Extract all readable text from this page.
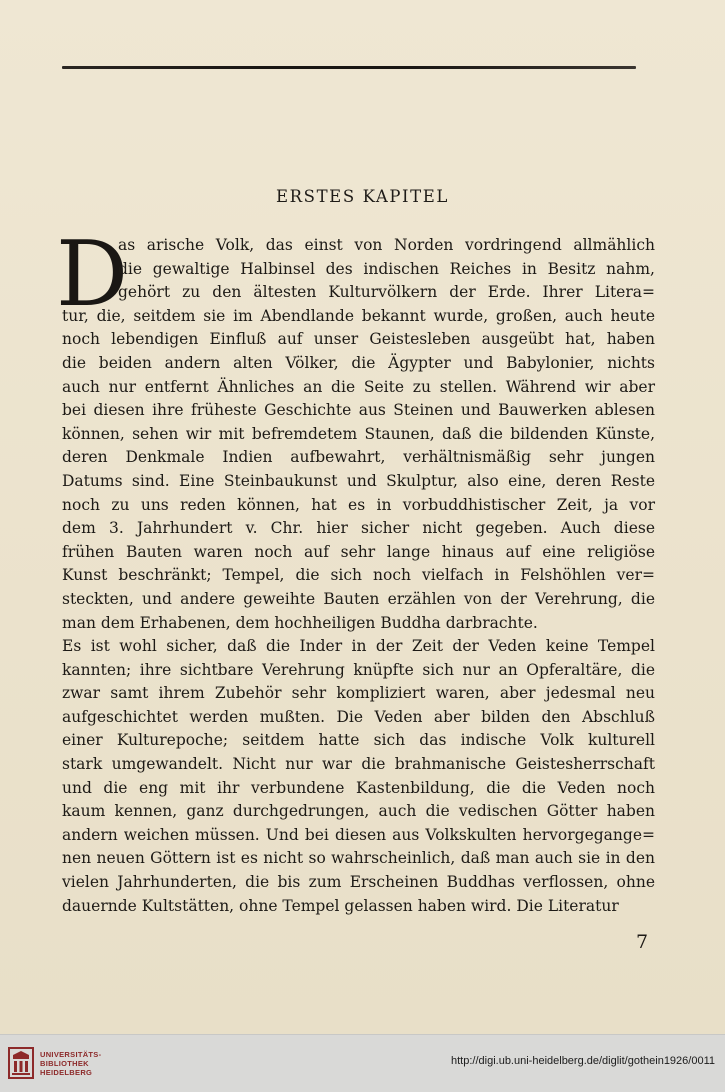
ERSTES KAPITEL
D
as arische Volk, das einst von Norden vordringend allmählich
die gewaltige Halbinsel des indischen Reiches in Besitz nahm,
gehört zu den ältesten Kulturvölkern der Erde. Ihrer Litera=
tur, die, seitdem sie im Abendlande bekannt wurde, großen, auch heute
noch lebendigen Einfluß auf unser Geistesleben ausgeübt hat, haben
die beiden andern alten Völker, die Ägypter und Babylonier, nichts
auch nur entfernt Ähnliches an die Seite zu stellen. Während wir aber
bei diesen ihre früheste Geschichte aus Steinen und Bauwerken ablesen
können, sehen wir mit befremdetem Staunen, daß die bildenden Künste,
deren Denkmale Indien aufbewahrt, verhältnismäßig sehr jungen
Datums sind. Eine Steinbaukunst und Skulptur, also eine, deren Reste
noch zu uns reden können, hat es in vorbuddhistischer Zeit, ja vor
dem 3. Jahrhundert v. Chr. hier sicher nicht gegeben. Auch diese
frühen Bauten waren noch auf sehr lange hinaus auf eine religiöse
Kunst beschränkt; Tempel, die sich noch vielfach in Felshöhlen ver=
steckten, und andere geweihte Bauten erzählen von der Verehrung, die
man dem Erhabenen, dem hochheiligen Buddha darbrachte.
Es ist wohl sicher, daß die Inder in der Zeit der Veden keine Tempel
kannten; ihre sichtbare Verehrung knüpfte sich nur an Opferaltäre, die
zwar samt ihrem Zubehör sehr kompliziert waren, aber jedesmal neu
aufgeschichtet werden mußten. Die Veden aber bilden den Abschluß
einer Kulturepoche; seitdem hatte sich das indische Volk kulturell
stark umgewandelt. Nicht nur war die brahmanische Geistesherrschaft
und die eng mit ihr verbundene Kastenbildung, die die Veden noch
kaum kennen, ganz durchgedrungen, auch die vedischen Götter haben
andern weichen müssen. Und bei diesen aus Volkskulten hervorgegange=
nen neuen Göttern ist es nicht so wahrscheinlich, daß man auch sie in den
vielen Jahrhunderten, die bis zum Erscheinen Buddhas verflossen, ohne
dauernde Kultstätten, ohne Tempel gelassen haben wird. Die Literatur
7
UNIVERSITÄTS-
BIBLIOTHEK
HEIDELBERG
http://digi.ub.uni-heidelberg.de/diglit/gothein1926/0011
